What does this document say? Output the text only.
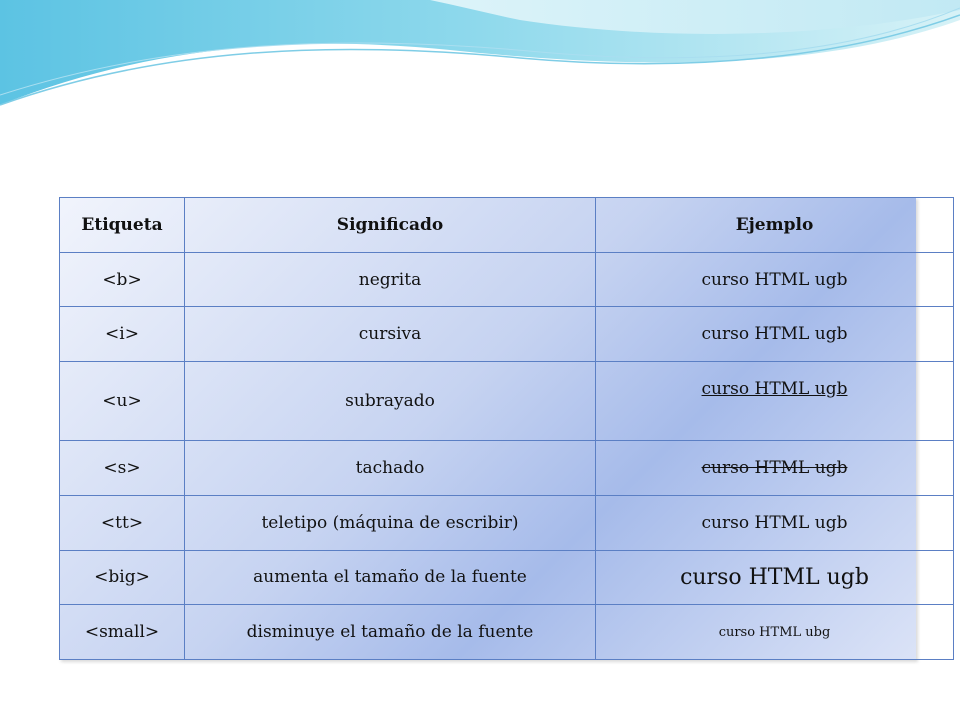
Etiqueta	Significado	Ejemplo
<b>	negrita	curso HTML ugb
<i>	cursiva	curso HTML ugb
<u>	subrayado	curso HTML ugb
<s>	tachado	curso HTML ugb
<tt>	teletipo (máquina de escribir)	curso HTML ugb
<big>	aumenta el tamaño de la fuente	curso HTML ugb
<small>	disminuye el tamaño de la fuente	curso HTML ubg
